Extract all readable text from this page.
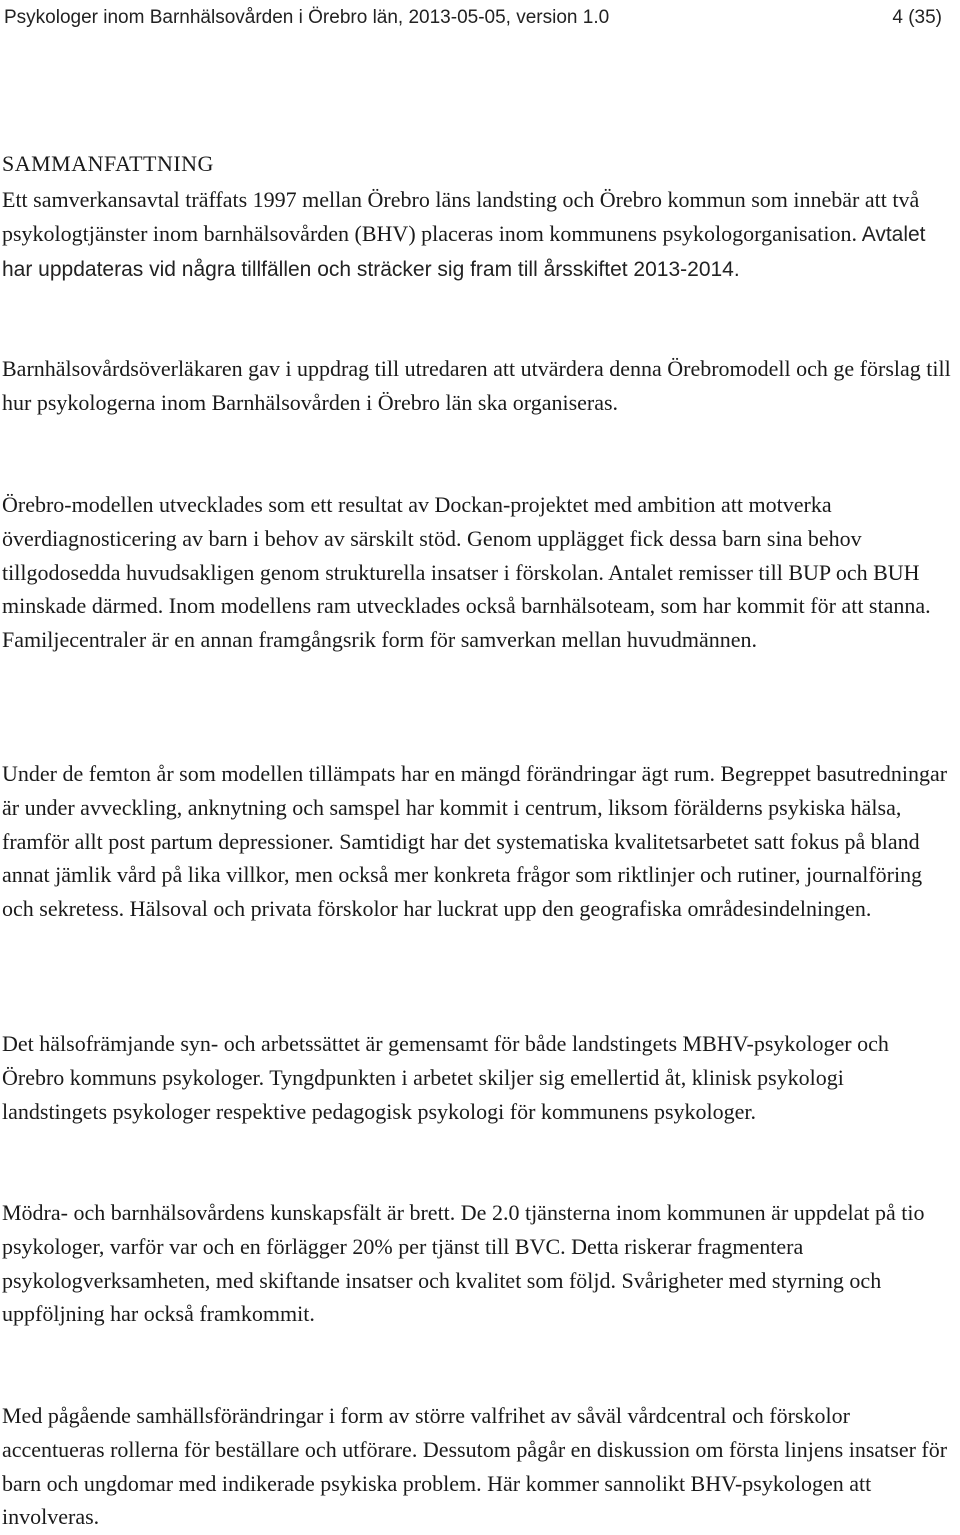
Psykologer inom Barnhälsovården i Örebro län, 2013-05-05, version 1.0	4 (35)
SAMMANFATTNING

Ett samverkansavtal träffats 1997 mellan Örebro läns landsting och Örebro kommun som innebär att två psykologtjänster inom barnhälsovården (BHV) placeras inom kommunens psykologorganisation. Avtalet har uppdateras vid några tillfällen och sträcker sig fram till årsskiftet 2013-2014.

Barnhälsovårdsöverläkaren gav i uppdrag till utredaren att utvärdera denna Örebromodell och ge förslag till hur psykologerna inom Barnhälsovården i Örebro län ska organiseras.

Örebro-modellen utvecklades som ett resultat av Dockan-projektet med ambition att motverka överdiagnosticering av barn i behov av särskilt stöd. Genom upplägget fick dessa barn sina behov tillgodosedda huvudsakligen genom strukturella insatser i förskolan. Antalet remisser till BUP och BUH minskade därmed. Inom modellens ram utvecklades också barnhälsoteam, som har kommit för att stanna. Familjecentraler är en annan framgångsrik form för samverkan mellan huvudmännen.

Under de femton år som modellen tillämpats har en mängd förändringar ägt rum. Begreppet basutredningar är under avveckling, anknytning och samspel har kommit i centrum, liksom förälderns psykiska hälsa, framför allt post partum depressioner. Samtidigt har det systematiska kvalitetsarbetet satt fokus på bland annat jämlik vård på lika villkor, men också mer konkreta frågor som riktlinjer och rutiner, journalföring och sekretess. Hälsoval och privata förskolor har luckrat upp den geografiska områdesindelningen.

Det hälsofrämjande syn- och arbetssättet är gemensamt för både landstingets MBHV-psykologer och Örebro kommuns psykologer. Tyngdpunkten i arbetet skiljer sig emellertid åt, klinisk psykologi landstingets psykologer respektive pedagogisk psykologi för kommunens psykologer.

Mödra- och barnhälsovårdens kunskapsfält är brett. De 2.0 tjänsterna inom kommunen är uppdelat på tio psykologer, varför var och en förlägger 20% per tjänst till BVC. Detta riskerar fragmentera psykologverksamheten, med skiftande insatser och kvalitet som följd. Svårigheter med styrning och uppföljning har också framkommit.

Med pågående samhällsförändringar i form av större valfrihet av såväl vårdcentral och förskolor accentueras rollerna för beställare och utförare. Dessutom pågår en diskussion om första linjens insatser för barn och ungdomar med indikerade psykiska problem. Här kommer sannolikt BHV-psykologen att involveras.
